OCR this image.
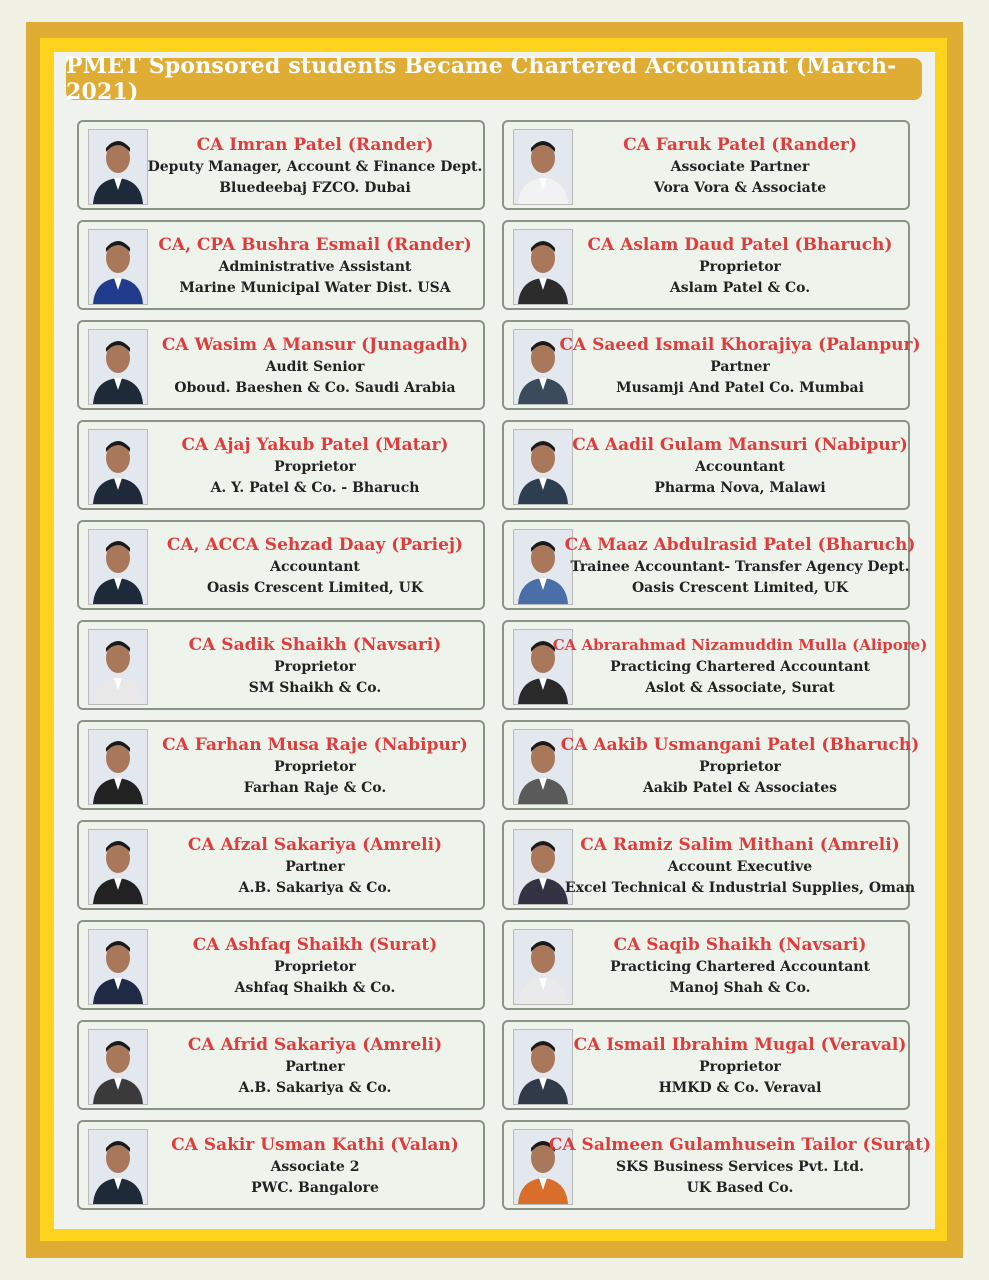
PMET Sponsored students Became Chartered Accountant (March-2021)
CA Imran Patel (Rander)
Deputy Manager, Account & Finance Dept.
Bluedeebaj FZCO. Dubai
CA Faruk Patel (Rander)
Associate Partner
Vora Vora & Associate
CA, CPA Bushra Esmail (Rander)
Administrative Assistant
Marine Municipal Water Dist. USA
CA Aslam Daud Patel (Bharuch)
Proprietor
Aslam Patel & Co.
CA Wasim A Mansur (Junagadh)
Audit Senior
Oboud. Baeshen & Co. Saudi Arabia
CA Saeed Ismail Khorajiya (Palanpur)
Partner
Musamji And Patel Co. Mumbai
CA Ajaj Yakub Patel (Matar)
Proprietor
A. Y. Patel & Co. - Bharuch
CA Aadil Gulam Mansuri (Nabipur)
Accountant
Pharma Nova, Malawi
CA, ACCA Sehzad Daay (Pariej)
Accountant
Oasis Crescent Limited, UK
CA Maaz Abdulrasid Patel (Bharuch)
Trainee Accountant- Transfer Agency Dept.
Oasis Crescent Limited, UK
CA Sadik Shaikh (Navsari)
Proprietor
SM Shaikh & Co.
CA Abrarahmad Nizamuddin Mulla (Alipore)
Practicing Chartered Accountant
Aslot & Associate, Surat
CA Farhan Musa Raje (Nabipur)
Proprietor
Farhan Raje & Co.
CA Aakib Usmangani Patel (Bharuch)
Proprietor
Aakib Patel & Associates
CA Afzal Sakariya (Amreli)
Partner
A.B. Sakariya & Co.
CA Ramiz Salim Mithani (Amreli)
Account Executive
Excel Technical & Industrial Supplies, Oman
CA Ashfaq Shaikh (Surat)
Proprietor
Ashfaq Shaikh & Co.
CA Saqib Shaikh (Navsari)
Practicing Chartered Accountant
Manoj Shah & Co.
CA Afrid Sakariya (Amreli)
Partner
A.B. Sakariya & Co.
CA Ismail Ibrahim Mugal (Veraval)
Proprietor
HMKD & Co. Veraval
CA Sakir Usman Kathi (Valan)
Associate 2
PWC. Bangalore
CA Salmeen Gulamhusein Tailor (Surat)
SKS Business Services Pvt. Ltd.
UK Based Co.
